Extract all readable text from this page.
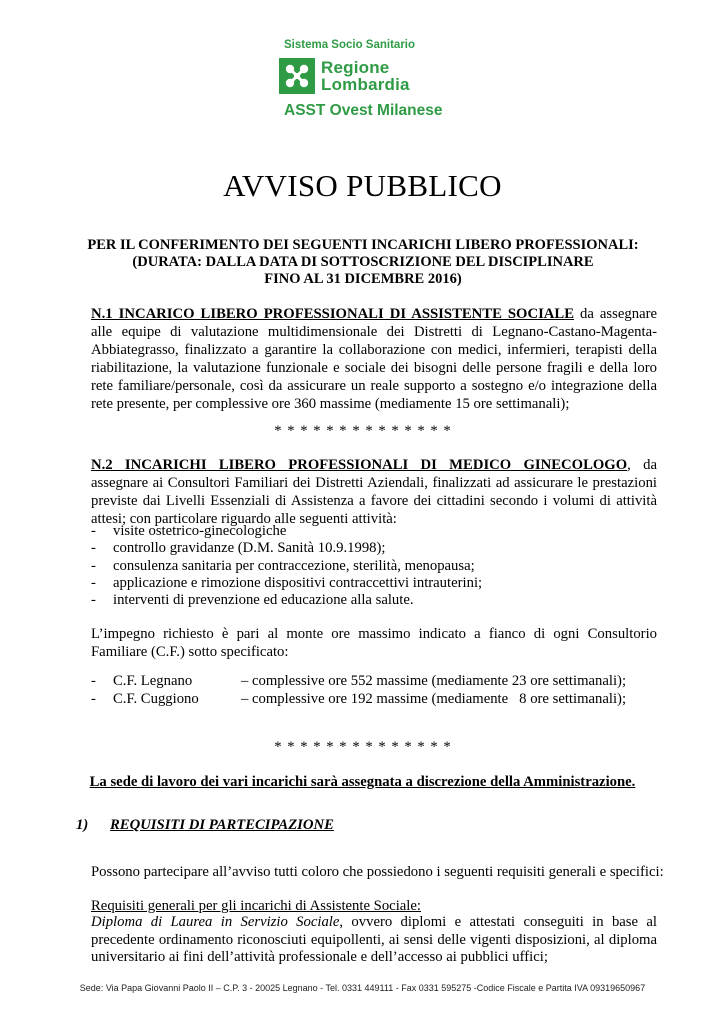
Sistema Socio Sanitario
Regione
Lombardia
ASST Ovest Milanese
AVVISO PUBBLICO
PER IL CONFERIMENTO DEI SEGUENTI INCARICHI LIBERO PROFESSIONALI:
(DURATA: DALLA DATA DI SOTTOSCRIZIONE DEL DISCIPLINARE
FINO AL 31 DICEMBRE 2016)
N.1 INCARICO LIBERO PROFESSIONALI DI ASSISTENTE SOCIALE da assegnare alle equipe di valutazione multidimensionale dei Distretti di Legnano-Castano-Magenta-Abbiategrasso, finalizzato a garantire la collaborazione con medici, infermieri, terapisti della riabilitazione, la valutazione funzionale e sociale dei bisogni delle persone fragili e della loro rete familiare/personale, così da assicurare un reale supporto a sostegno e/o integrazione della rete presente, per complessive ore 360 massime (mediamente 15 ore settimanali);
* * * * * * * * * * * * * *
N.2 INCARICHI LIBERO PROFESSIONALI DI MEDICO GINECOLOGO, da assegnare ai Consultori Familiari dei Distretti Aziendali, finalizzati ad assicurare le prestazioni previste dai Livelli Essenziali di Assistenza a favore dei cittadini secondo i volumi di attività attesi; con particolare riguardo alle seguenti attività:
- visite ostetrico-ginecologiche
- controllo gravidanze (D.M. Sanità 10.9.1998);
- consulenza sanitaria per contraccezione, sterilità, menopausa;
- applicazione e rimozione dispositivi contraccettivi intrauterini;
- interventi di prevenzione ed educazione alla salute.
L’impegno richiesto è pari al monte ore massimo indicato a fianco di ogni Consultorio Familiare (C.F.) sotto specificato:
- C.F. Legnano	– complessive ore 552 massime (mediamente 23 ore settimanali);
- C.F. Cuggiono	– complessive ore 192 massime (mediamente   8 ore settimanali);
* * * * * * * * * * * * * *
La sede di lavoro dei vari incarichi sarà assegnata a discrezione della Amministrazione.
1) REQUISITI DI PARTECIPAZIONE
Possono partecipare all’avviso tutti coloro che possiedono i seguenti requisiti generali e specifici:
Requisiti generali per gli incarichi di Assistente Sociale:
Diploma di Laurea in Servizio Sociale, ovvero diplomi e attestati conseguiti in base al precedente ordinamento riconosciuti equipollenti, ai sensi delle vigenti disposizioni, al diploma universitario ai fini dell’attività professionale e dell’accesso ai pubblici uffici;
Sede: Via Papa Giovanni Paolo II – C.P. 3 - 20025 Legnano - Tel. 0331 449111 - Fax 0331 595275 -Codice Fiscale e Partita IVA 09319650967
